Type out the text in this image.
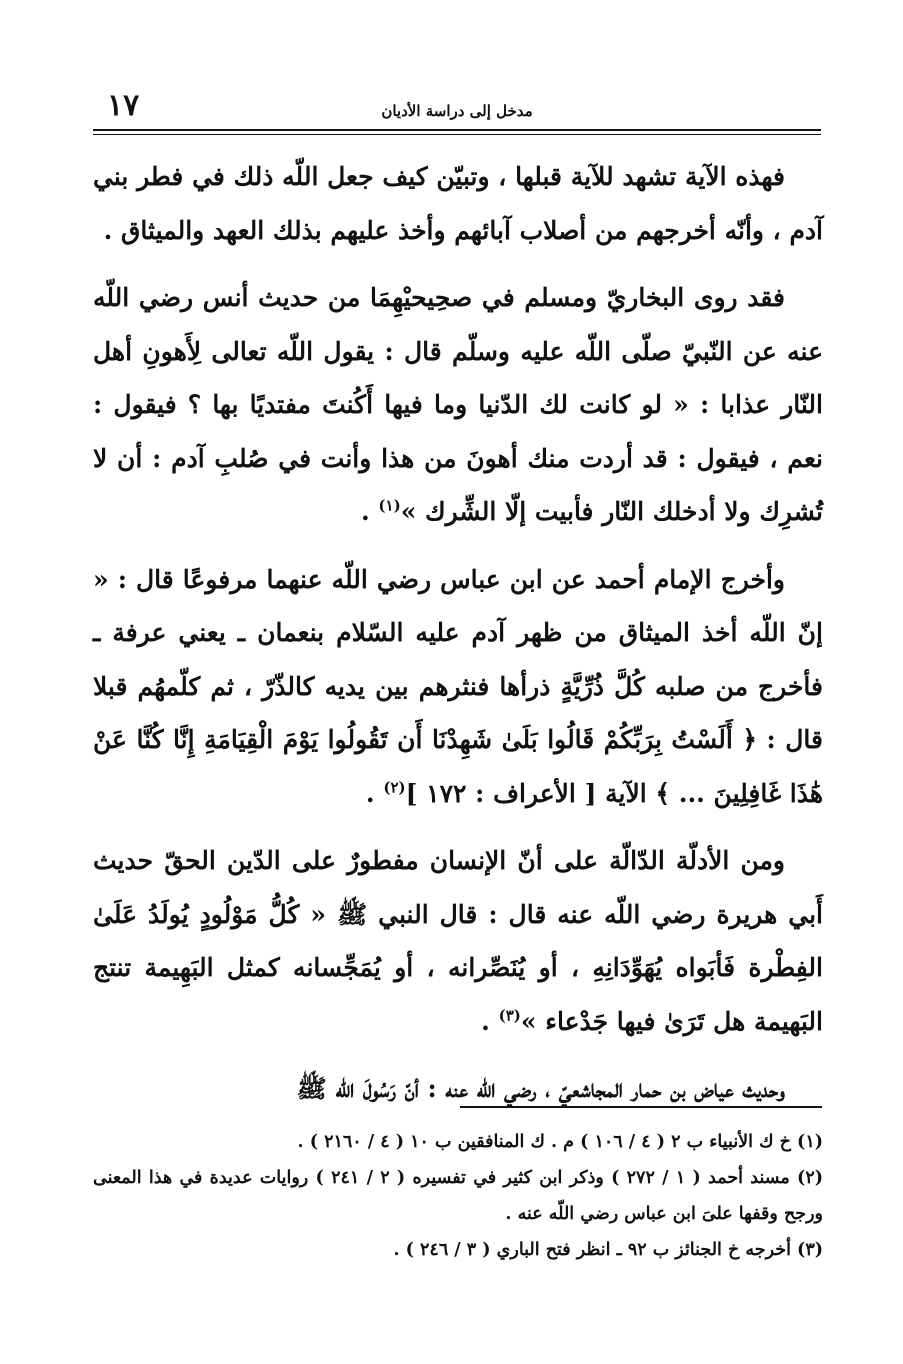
١٧	مدخل إلى دراسة الأديان

فهذه الآية تشهد للآية قبلها ، وتبيّن كيف جعل اللّه ذلك في فطر بني آدم ، وأنّه أخرجهم من أصلاب آبائهم وأخذ عليهم بذلك العهد والميثاق .

فقد روى البخاريّ ومسلم في صحِيحيْهِمَا من حديث أنس رضي اللّه عنه عن النّبيّ صلّى اللّه عليه وسلّم قال : يقول اللّه تعالى لِأَهونِ أهل النّار عذابا : « لو كانت لك الدّنيا وما فيها أَكُنتَ مفتديًا بها ؟ فيقول : نعم ، فيقول : قد أردت منك أهونَ من هذا وأنت في صُلبِ آدم : أن لا تُشرِك ولا أدخلك النّار فأبيت إلّا الشِّرك »$^{(١)}$ .

وأخرج الإمام أحمد عن ابن عباس رضي اللّه عنهما مرفوعًا قال : « إنّ اللّه أخذ الميثاق من ظهر آدم عليه السّلام بنعمان ـ يعني عرفة ـ فأخرج من صلبه كُلَّ ذُرِّيَّةٍ ذرأها فنثرهم بين يديه كالذّرّ ، ثم كلّمهُم قبلا قال : ﴿ أَلَسْتُ بِرَبِّكُمْ قَالُوا بَلَىٰ شَهِدْنَا أَن تَقُولُوا يَوْمَ الْقِيَامَةِ إِنَّا كُنَّا عَنْ هَٰذَا غَافِلِينَ ... ﴾ الآية [ الأعراف : ١٧٢ ]$^{(٢)}$ .

ومن الأدلّة الدّالّة على أنّ الإنسان مفطورٌ على الدّين الحقّ حديث أَبي هريرة رضي اللّه عنه قال : قال النبي ﷺ « كُلُّ مَوْلُودٍ يُولَدُ عَلَىٰ الفِطْرة فَأبَواه يُهَوِّدَانِهِ ، أو يُنَصِّرانه ، أو يُمَجِّسانه كمثل البَهِيمة تنتج البَهيمة هل تَرَىٰ فيها جَدْعاء »$^{(٣)}$ .

وحديث عياض بن حمار المجاشعيّ ، رضي اللّه عنه : أنّ رَسُولَ اللّه ﷺ

(١) خ ك الأنبياء ب ٢ ( ٤ / ١٠٦ ) م . ك المنافقين ب ١٠ ( ٤ / ٢١٦٠ ) .

(٢) مسند أحمد ( ١ / ٢٧٢ ) وذكر ابن كثير في تفسيره ( ٢ / ٢٤١ ) روايات عديدة في هذا المعنى ورجح وقفها علىَ ابن عباس رضي اللّه عنه .

(٣) أخرجه خ الجنائز ب ٩٢ ـ انظر فتح الباري ( ٣ / ٢٤٦ ) .
